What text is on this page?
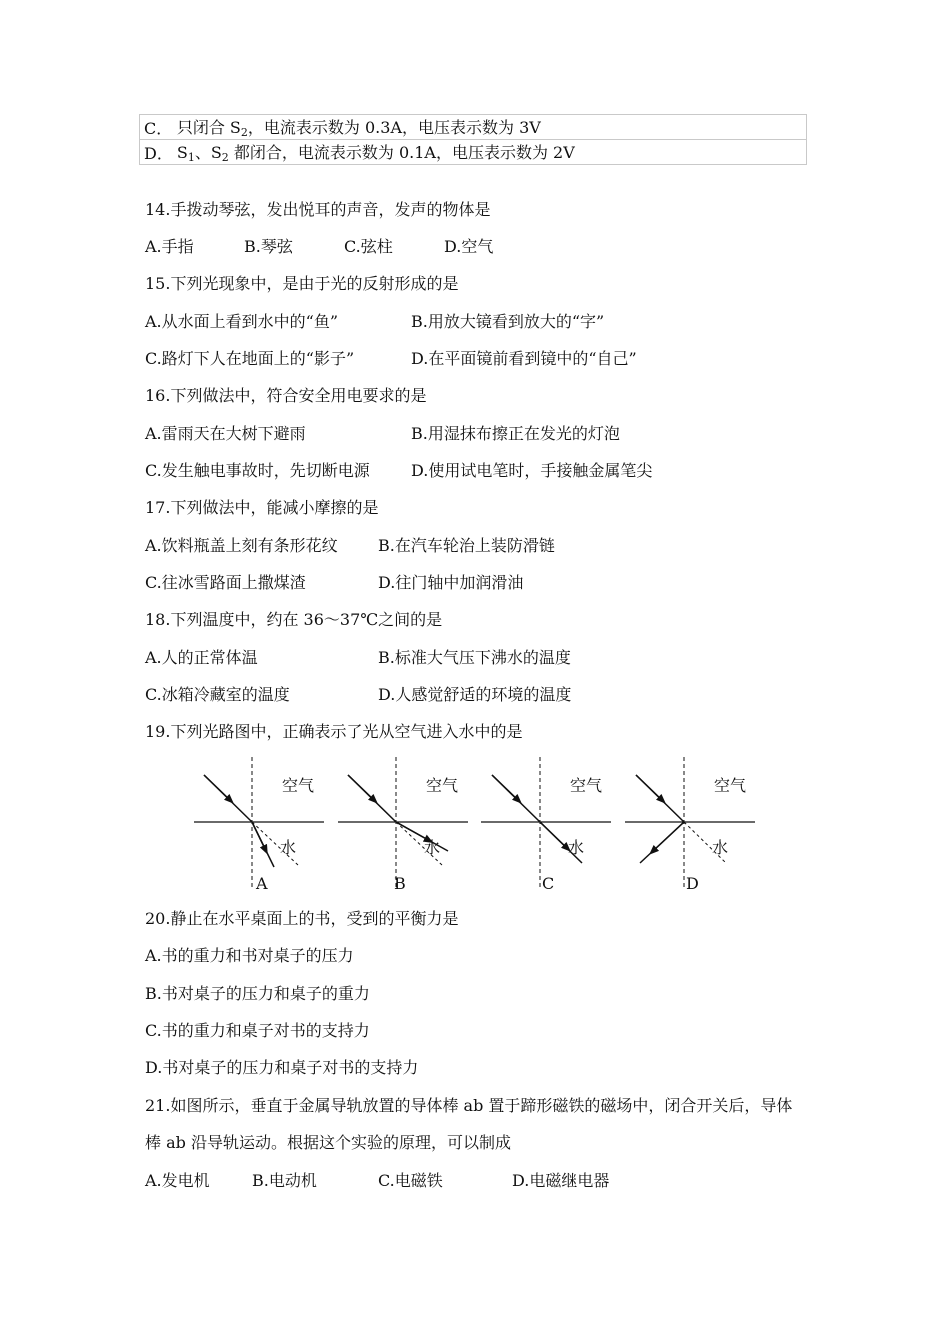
C．	只闭合 $S_2$，电流表示数为 0.3A，电压表示数为 3V
D．	$S_1$、$S_2$ 都闭合，电流表示数为 0.1A，电压表示数为 2V
14.手拨动琴弦，发出悦耳的声音，发声的物体是
A.手指	B.琴弦	C.弦柱	D.空气
15.下列光现象中，是由于光的反射形成的是
A.从水面上看到水中的“鱼”	B.用放大镜看到放大的“字”
C.路灯下人在地面上的“影子”	D.在平面镜前看到镜中的“自己”
16.下列做法中，符合安全用电要求的是
A.雷雨天在大树下避雨	B.用湿抹布擦正在发光的灯泡
C.发生触电事故时，先切断电源	D.使用试电笔时，手接触金属笔尖
17.下列做法中，能减小摩擦的是
A.饮料瓶盖上刻有条形花纹	B.在汽车轮治上装防滑链
C.往冰雪路面上撒煤渣	D.往门轴中加润滑油
18.下列温度中，约在 36～37℃之间的是
A.人的正常体温	B.标准大气压下沸水的温度
C.冰箱冷藏室的温度	D.人感觉舒适的环境的温度
19.下列光路图中，正确表示了光从空气进入水中的是
空气
水
A
空气
水
B
空气
水
C
空气
水
D
20.静止在水平桌面上的书，受到的平衡力是
A.书的重力和书对桌子的压力
B.书对桌子的压力和桌子的重力
C.书的重力和桌子对书的支持力
D.书对桌子的压力和桌子对书的支持力
21.如图所示，垂直于金属导轨放置的导体棒 ab 置于蹄形磁铁的磁场中，闭合开关后，导体
棒 ab 沿导轨运动。根据这个实验的原理，可以制成
A.发电机	B.电动机	C.电磁铁	D.电磁继电器
